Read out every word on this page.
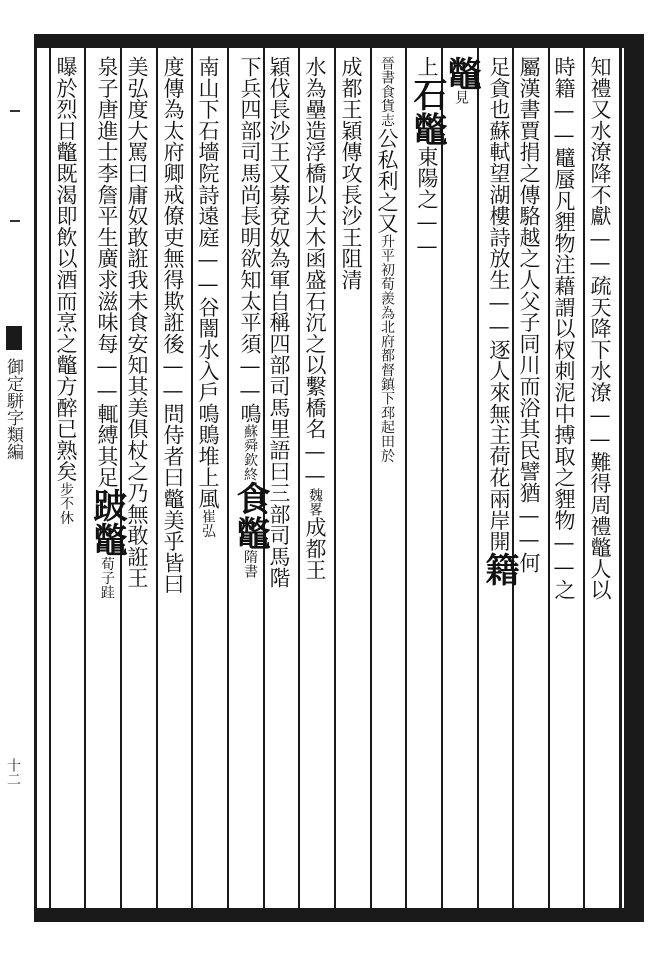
知禮又水潦降不獻——疏天降下水潦——難得周禮鼈人以
時籍——鼊蜃凡貍物注藉謂以杈刺泥中搏取之貍物——之
屬漢書賈捐之傳駱越之人父子同川而浴其民譬猶——何
足貪也蘇軾望湖樓詩放生——逐人來無主荷花兩岸開籍
鼈見
上石鼈東陽之——
晉書食貨志公私利之又升平初荀羨為北府都督鎮下邳起田於
成都王穎傳攻長沙王阻清
水為壘造浮橋以大木函盛石沉之以繫橋名——魏畧成都王
穎伐長沙王又募兗奴為軍自稱四部司馬里語曰三部司馬階
下兵四部司馬尚長明欲知太平須——鳴蘇舜欽終食鼈隋書
南山下石墻院詩遠庭——谷闇水入戶鳴鵙堆上風崔弘
度傳為太府卿戒僚吏無得欺誑後——問侍者曰鼈美乎皆曰
美弘度大罵曰庸奴敢誑我未食安知其美俱杖之乃無敢誑王
泉子唐進士李詹平生廣求滋味每——輒縛其足跛鼈荀子跬
曝於烈日鼈既渴即飲以酒而烹之鼈方醉已熟矣步不休
御定駢字類編
十二
